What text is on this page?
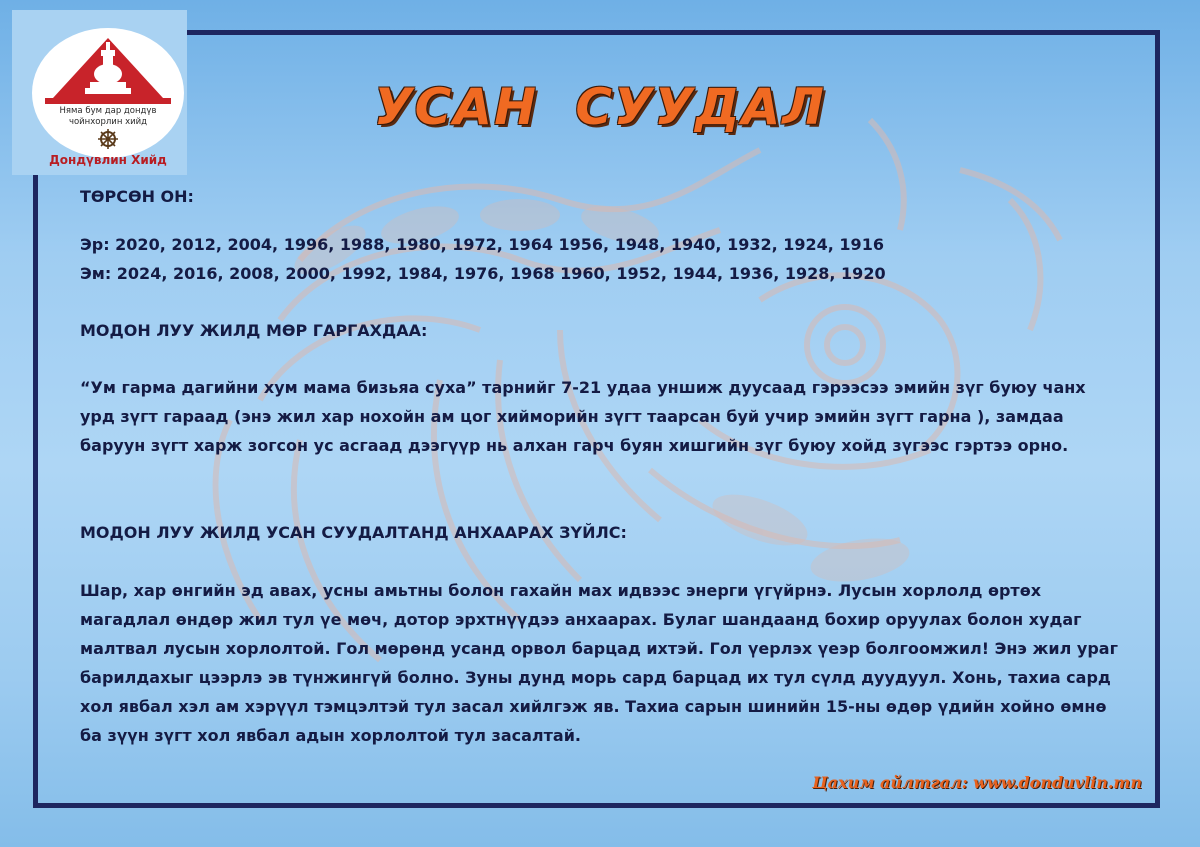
Няма бум дар дондүв
чойнхорлин хийд
Дондүвлин Хийд
УСАН СУУДАЛ
ТӨРСӨН ОН:
Эр: 2020, 2012, 2004, 1996, 1988, 1980, 1972, 1964 1956, 1948, 1940, 1932, 1924, 1916
Эм: 2024, 2016, 2008, 2000, 1992, 1984, 1976, 1968 1960, 1952, 1944, 1936, 1928, 1920
МОДОН ЛУУ ЖИЛД МӨР ГАРГАХДАА:

“Ум гарма дагийни хум мама бизьяа суха” тарнийг 7-21 удаа уншиж дуусаад гэрээсээ эмийн зүг буюу чанх урд зүгт гараад (энэ жил хар нохойн ам цог хийморийн зүгт таарсан буй учир эмийн зүгт гарна ), замдаа баруун зүгт харж зогсон ус асгаад дээгүүр нь алхан гарч буян хишгийн зүг буюу хойд зүгээс гэртээ орно.

МОДОН ЛУУ ЖИЛД УСАН СУУДАЛТАНД АНХААРАХ ЗҮЙЛС:

Шар, хар өнгийн эд авах, усны амьтны болон гахайн мах идвээс энерги үгүйрнэ. Лусын хорлолд өртөх магадлал өндөр жил тул үе мөч, дотор эрхтнүүдээ анхаарах. Булаг шандаанд бохир оруулах болон худаг малтвал лусын хорлолтой. Гол мөрөнд усанд орвол барцад ихтэй. Гол үерлэх үеэр болгоомжил! Энэ жил ураг барилдахыг цээрлэ эв түнжингүй болно. Зуны дунд морь сард барцад их тул сүлд дуудуул. Хонь, тахиа сард хол явбал хэл ам хэрүүл тэмцэлтэй тул засал хийлгэж яв. Тахиа сарын шинийн 15-ны өдөр үдийн хойно өмнө ба зүүн зүгт хол явбал адын хорлолтой тул засалтай.

Цахим айлтгал: www.donduvlin.mn
